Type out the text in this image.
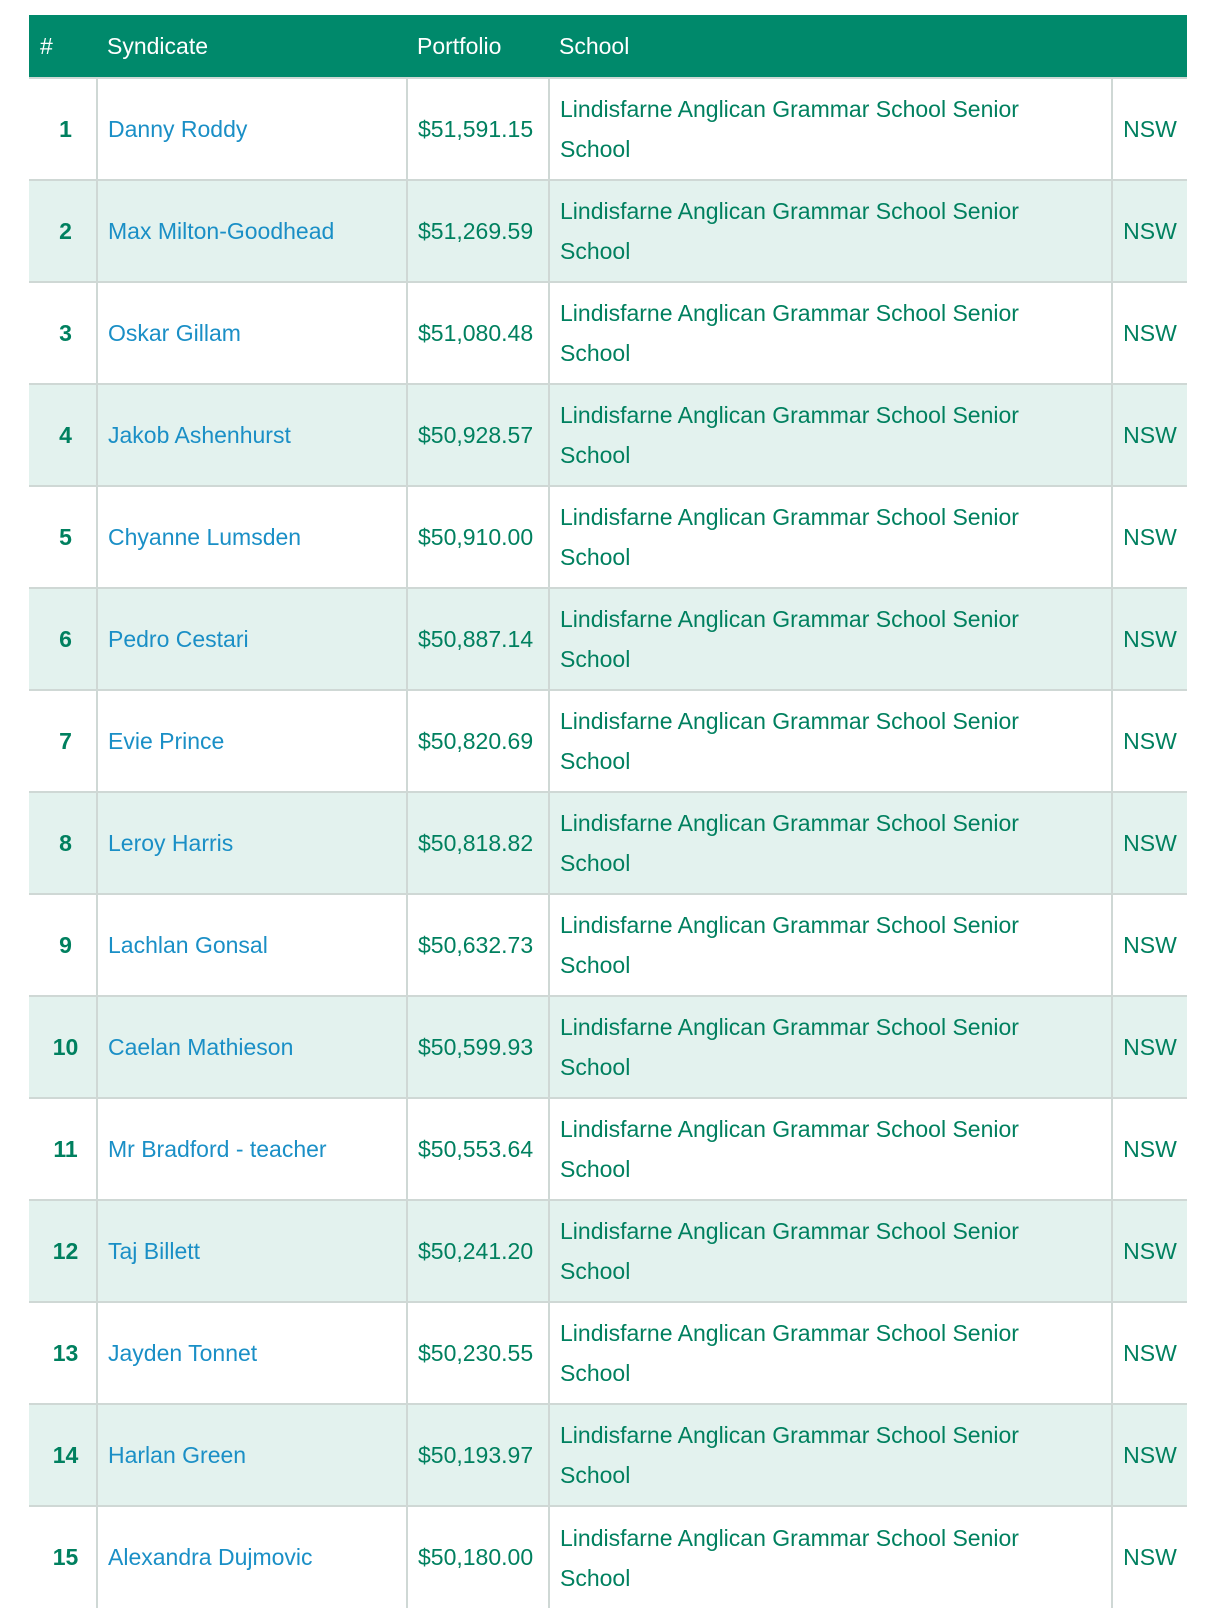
#	Syndicate	Portfolio	School	
1	Danny Roddy	$51,591.15	Lindisfarne Anglican Grammar School Senior School	NSW
2	Max Milton-Goodhead	$51,269.59	Lindisfarne Anglican Grammar School Senior School	NSW
3	Oskar Gillam	$51,080.48	Lindisfarne Anglican Grammar School Senior School	NSW
4	Jakob Ashenhurst	$50,928.57	Lindisfarne Anglican Grammar School Senior School	NSW
5	Chyanne Lumsden	$50,910.00	Lindisfarne Anglican Grammar School Senior School	NSW
6	Pedro Cestari	$50,887.14	Lindisfarne Anglican Grammar School Senior School	NSW
7	Evie Prince	$50,820.69	Lindisfarne Anglican Grammar School Senior School	NSW
8	Leroy Harris	$50,818.82	Lindisfarne Anglican Grammar School Senior School	NSW
9	Lachlan Gonsal	$50,632.73	Lindisfarne Anglican Grammar School Senior School	NSW
10	Caelan Mathieson	$50,599.93	Lindisfarne Anglican Grammar School Senior School	NSW
11	Mr Bradford - teacher	$50,553.64	Lindisfarne Anglican Grammar School Senior School	NSW
12	Taj Billett	$50,241.20	Lindisfarne Anglican Grammar School Senior School	NSW
13	Jayden Tonnet	$50,230.55	Lindisfarne Anglican Grammar School Senior School	NSW
14	Harlan Green	$50,193.97	Lindisfarne Anglican Grammar School Senior School	NSW
15	Alexandra Dujmovic	$50,180.00	Lindisfarne Anglican Grammar School Senior School	NSW
